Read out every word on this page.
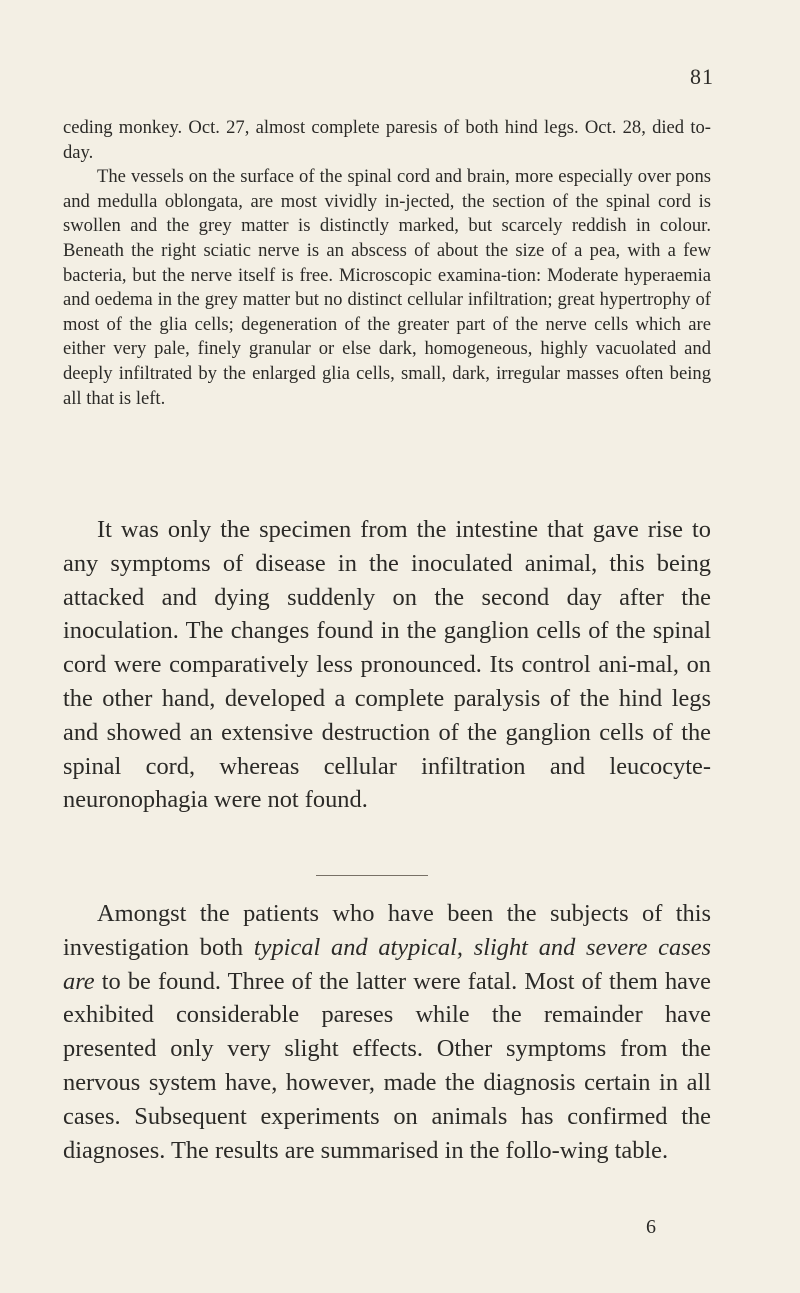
81

ceding monkey. Oct. 27, almost complete paresis of both hind legs. Oct. 28, died to-day.

The vessels on the surface of the spinal cord and brain, more especially over pons and medulla oblongata, are most vividly in-jected, the section of the spinal cord is swollen and the grey matter is distinctly marked, but scarcely reddish in colour. Beneath the right sciatic nerve is an abscess of about the size of a pea, with a few bacteria, but the nerve itself is free. Microscopic examina-tion: Moderate hyperaemia and oedema in the grey matter but no distinct cellular infiltration; great hypertrophy of most of the glia cells; degeneration of the greater part of the nerve cells which are either very pale, finely granular or else dark, homogeneous, highly vacuolated and deeply infiltrated by the enlarged glia cells, small, dark, irregular masses often being all that is left.

It was only the specimen from the intestine that gave rise to any symptoms of disease in the inoculated animal, this being attacked and dying suddenly on the second day after the inoculation. The changes found in the ganglion cells of the spinal cord were comparatively less pronounced. Its control ani-mal, on the other hand, developed a complete paralysis of the hind legs and showed an extensive destruction of the ganglion cells of the spinal cord, whereas cellular infiltration and leucocyte-neuronophagia were not found.

Amongst the patients who have been the subjects of this investigation both typical and atypical, slight and severe cases are to be found. Three of the latter were fatal. Most of them have exhibited considerable pareses while the remainder have presented only very slight effects. Other symptoms from the nervous system have, however, made the diagnosis certain in all cases. Subsequent experiments on animals has confirmed the diagnoses. The results are summarised in the follo-wing table.

6
